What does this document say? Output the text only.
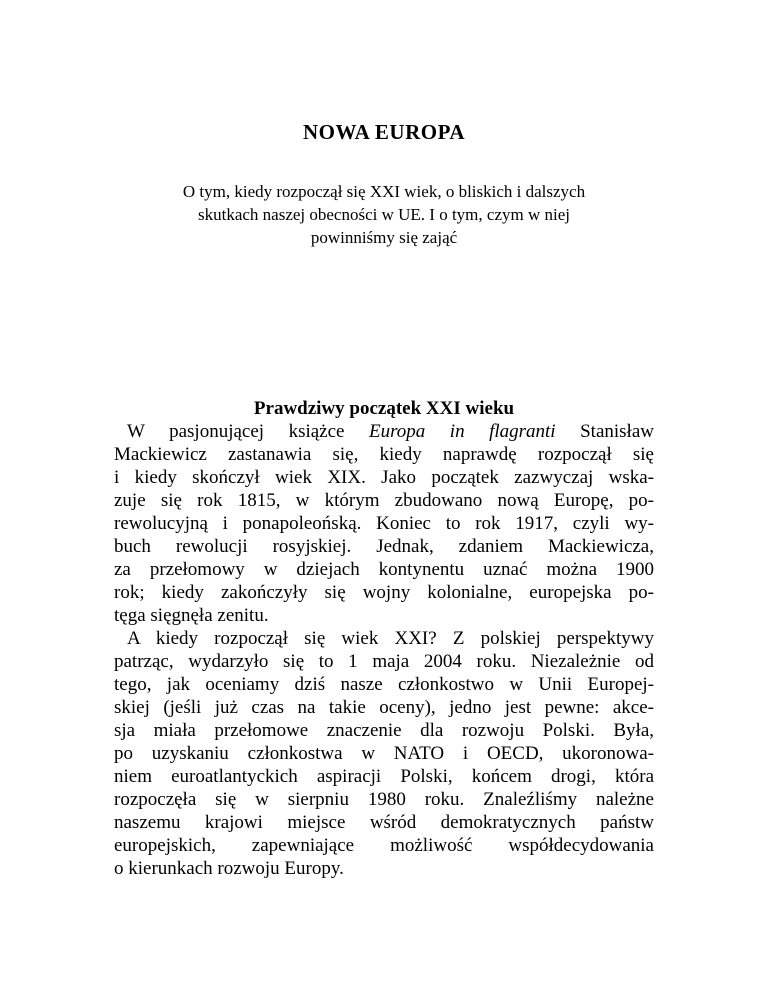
NOWA EUROPA

O tym, kiedy rozpoczął się XXI wiek, o bliskich i dalszych
skutkach naszej obecności w UE. I o tym, czym w niej
powinniśmy się zająć

Prawdziwy początek XXI wieku
W pasjonującej książce Europa in flagranti Stanisław
Mackiewicz zastanawia się, kiedy naprawdę rozpoczął się
i kiedy skończył wiek XIX. Jako początek zazwyczaj wska-
zuje się rok 1815, w którym zbudowano nową Europę, po-
rewolucyjną i ponapoleońską. Koniec to rok 1917, czyli wy-
buch rewolucji rosyjskiej. Jednak, zdaniem Mackiewicza,
za przełomowy w dziejach kontynentu uznać można 1900
rok; kiedy zakończyły się wojny kolonialne, europejska po-
tęga sięgnęła zenitu.
A kiedy rozpoczął się wiek XXI? Z polskiej perspektywy
patrząc, wydarzyło się to 1 maja 2004 roku. Niezależnie od
tego, jak oceniamy dziś nasze członkostwo w Unii Europej-
skiej (jeśli już czas na takie oceny), jedno jest pewne: akce-
sja miała przełomowe znaczenie dla rozwoju Polski. Była,
po uzyskaniu członkostwa w NATO i OECD, ukoronowa-
niem euroatlantyckich aspiracji Polski, końcem drogi, która
rozpoczęła się w sierpniu 1980 roku. Znaleźliśmy należne
naszemu krajowi miejsce wśród demokratycznych państw
europejskich, zapewniające możliwość współdecydowania
o kierunkach rozwoju Europy.
